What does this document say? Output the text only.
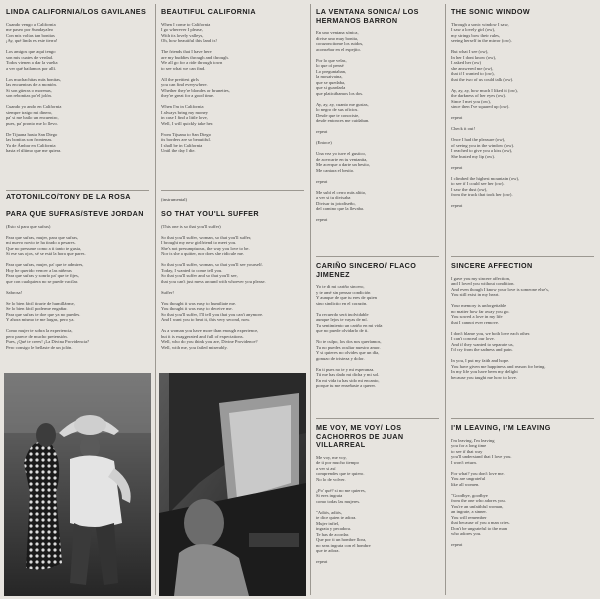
LINDA CALIFORNIA/LOS GAVILANES
Cuando vengo a California
me paseo por Sundayaleo
Con mis voltas tan bonitas
¡Ay, qué linda es este tierra!

Los amigos que aquí tengo
son mis cuates de verdad.
Todos vienen a dar la vuelta
a ver qué bailamos por allí.

Los muchachitas más bonitas,
las encuentras de a montón.
Si son güeras o morenas,
son rebonitas po'el jolón.

Cuando yo ando en California
siempre traigo mi dinero,
pa' si me bailo un encuentro,
pues, pa' pronto me lo llevo.

De Tijuana hasta San Diego
las bonitas son frontenas.
Ya de Ámbar en California
hasta el último que me quiera.
ATOTONILCO/TONY DE LA ROSA
PARA QUE SUFRAS/STEVE JORDAN
(Esto sí para que sufras)

Para que sufras, mujer, para que sufras,
mi nuevo novio te ha tirado a pesares.
Que no presume como a ti tanto te gusta,
Si ese sus ojos, sé se está la hora que pares.

Para que sufras, mujer, pa' que te admires,
Hoy he querido vencer a las niñeras
Para que sufras y sonrío pa' que te fijes,
que con cualquiera no se puede vacilar.

Sabrosa!

Se lo bien fácil tirarte de humillárme,
Se lo bien fácil poderme engañar.
Para que sufras te doe que ya no puedes.
Y ahora mismo te me largas, pero ya.

Como mujer te sobra la experiencia,
pero parece de mucho pretensión.
Pues, ¡Qué te crees! ¡La Divina Providencia?
Pero consigo le bellaste de un jolón.
BEAUTIFUL CALIFORNIA
When I come to California
I go wherever I please,
With its lovely valleys,
Oh, how beautiful this land is!

The friends that I have here
are my buddies through and through.
We all go for a ride through town
to see what we can find.

All the prettiest girls
you can find everywhere.
Whether they're blondes or brunettes,
they're great for a good time.

When I'm in California
I always bring my money
in case I find a little love,
Well, I will quickly take her.

From Tijuana to San Diego
its borders are so beautiful.
I shall be in California
Until the day I die.
(instrumental)
SO THAT YOU'LL SUFFER
(This one is so that you'll suffer)

So that you'll suffer, woman, so that you'll suffer,
I brought my new girlfriend to meet you.
She's not presumptuous, the way you love to be.
Nor is she a quitter, nor does she ridicule me.

So that you'll suffer, woman, so that you'll see yourself.
Today, I wanted to come tell you.
So that you'll suffer and so that you'll see,
that you can't just mess around with whoever you please.

Suffer!

You thought it was easy to humiliate me.
You thought it was easy to deceive me.
So that you'll suffer, I'll tell you that you can't anymore.
And I want you to beat it, this very second, now.

As a woman you have more than enough experience,
but it is exaggerated and full of expectations.
Well, who do you think you are, Divine Providence?
Well, with me, you failed miserably.
LA VENTANA SONICA/ LOS HERMANOS BARRON
En uno ventana sónica,
divise uno muy bonita,
corazoncitome los ruidos,
aconsebar en el espejito.

Por lo que velas,
lo que oí pensé
Lo preguntaban,
la mosaivaina,
que se quedaba,
que si guardarla
que platicábamos los dos.

Ay, ay, ay, cuanto me gustas,
lo negro de sus oficios.
Desde que te conociste,
desde entonces me cuidaban.

repeat

(Entoce)

Una vez yo tuve el gustico,
de acercarte en tu ventanita,
Me acerque a darte un besito,
Me cantara el besito.

repeat

Me subí el cerro más altito,
a ver si tu divisaba
Divisar tu jotodiseño,
del camino que la llevaba.

repeat
CARIÑO SINCERO/ FLACO JIMENEZ
Yo te di mi cariño sincero,
y te amé sin pensar condición
Y aunque de que tu eres de quien
sino sindictio en el corazón.

Tu recuerdo será inolvidable
aunque lejos te vayas de mí.
Tu sentimiento un cariño en mi vida
que no puede olvidarlo de ti.

No te culpo, los dos nos queríamos,
Tu no puedes ocultar nuestro amor.
Y si quieres no olvides que un día,
gonuzo de tristeza y dolor.

En ti pues no te y mi esperanza.
Tú me has dado mi dicha y mi sol.
En mi vida tu has sido mi encanto,
porque tu me enseñaste a querer.
ME VOY, ME VOY/ LOS CACHORROS DE JUAN VILLARREAL
Me voy, me voy,
de ti por mucho tiempo
a ver si así
comprendes que te quiero.
No lo de volver.

¿Po' qué? si no me quieres,
Si eres ingrata
como todas las mujeres.

"Adiós, adiós,
te dice quien te adora.
Mujer infiel,
ingrata y pecadora.
Te has de acordar.
Que por ti un hombre llora,
no seas ingrata con el hombre
que te adora.

repeat
THE SONIC WINDOW
Through a sonic window I saw,
I saw a lovely girl (ow),
my strings bow their rules,
seeing herself in the mirror (ow).

But what I see (ow),
In her I dont know (ow),
I asked her (ow)
she answered me (ow),
that if I wanted to (ow),
that the two of us could talk (ow).

Ay, ay, ay, how much I liked it (ow),
the darkness of her eyes (ow).
Since I met you (ow),
since then I've squared up (ow).

repeat

Check it out!

Once I had the pleasure (ow),
of seeing you in the window (ow).
I reached to give you a kiss (ow),
She busted my lip (ow).

repeat

I climbed the highest mountain (ow),
to see if I could see her (ow).
I saw the dust (ow),
from the truck that took her (ow).

repeat
SINCERE AFFECTION
I gave you my sincere affection,
and I loved you without condition.
And even though I know your love is someone else's,
You still exist in my heart.

Your memory is unforgettable
no matter how far away you go.
You sowed a love in my life
that I cannot ever remove.

I don't blame you, we both love each other.
I can't conceal our love.
And if they wanted to separate us,
I'd cry from the sadness and pain.

In you, I put my faith and hope.
You have given me happiness and reason for being.
In my life you have been my delight
because you taught me how to love.
I'M LEAVING, I'M LEAVING
I'm leaving, I'm leaving
you for a long time
to see if that way
you'll understand that I love you.
I won't return.

For what? you don't love me.
You are ungrateful
like all women.

"Goodbye, goodbye
from the one who adores you.
You're an unfaithful woman,
an ingrate, a sinner.
You will remember
that because of you a man cries.
Don't be ungrateful to the man
who adores you.

repeat
